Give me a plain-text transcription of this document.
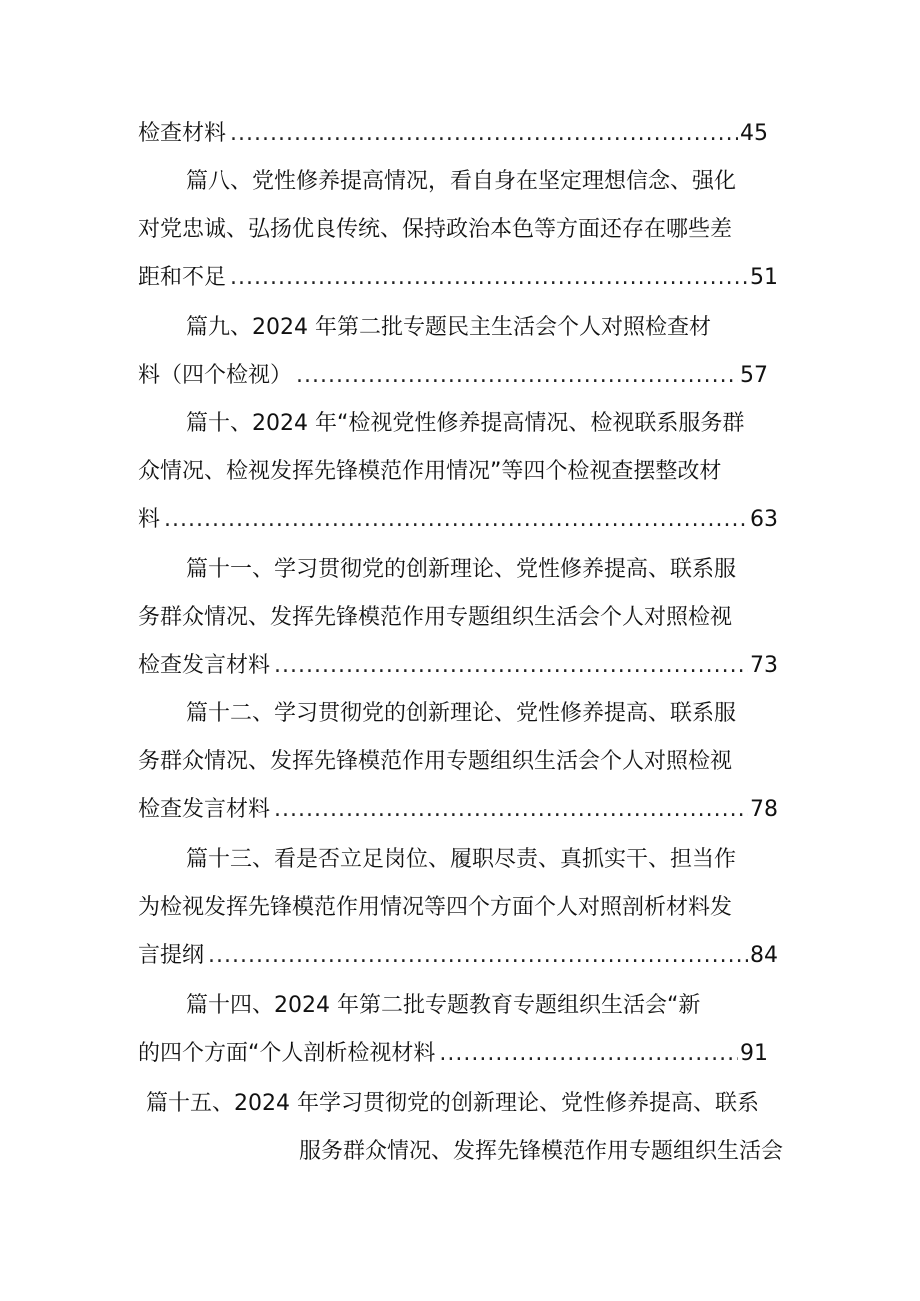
检查材料 .....	45
篇八、党性修养提高情况，看自身在坚定理想信念、强化
对党忠诚、弘扬优良传统、保持政治本色等方面还存在哪些差
距和不足 .....	51
篇九、2024 年第二批专题民主生活会个人对照检查材
料（四个检视） .....	57
篇十、2024 年“检视党性修养提高情况、检视联系服务群
众情况、检视发挥先锋模范作用情况”等四个检视查摆整改材
料 .....	63
篇十一、学习贯彻党的创新理论、党性修养提高、联系服
务群众情况、发挥先锋模范作用专题组织生活会个人对照检视
检查发言材料 .....	73
篇十二、学习贯彻党的创新理论、党性修养提高、联系服
务群众情况、发挥先锋模范作用专题组织生活会个人对照检视
检查发言材料 .....	78
篇十三、看是否立足岗位、履职尽责、真抓实干、担当作
为检视发挥先锋模范作用情况等四个方面个人对照剖析材料发
言提纲 .....	84
篇十四、2024 年第二批专题教育专题组织生活会“新
的四个方面“个人剖析检视材料 .....	91
篇十五、2024 年学习贯彻党的创新理论、党性修养提高、联系
服务群众情况、发挥先锋模范作用专题组织生活会
